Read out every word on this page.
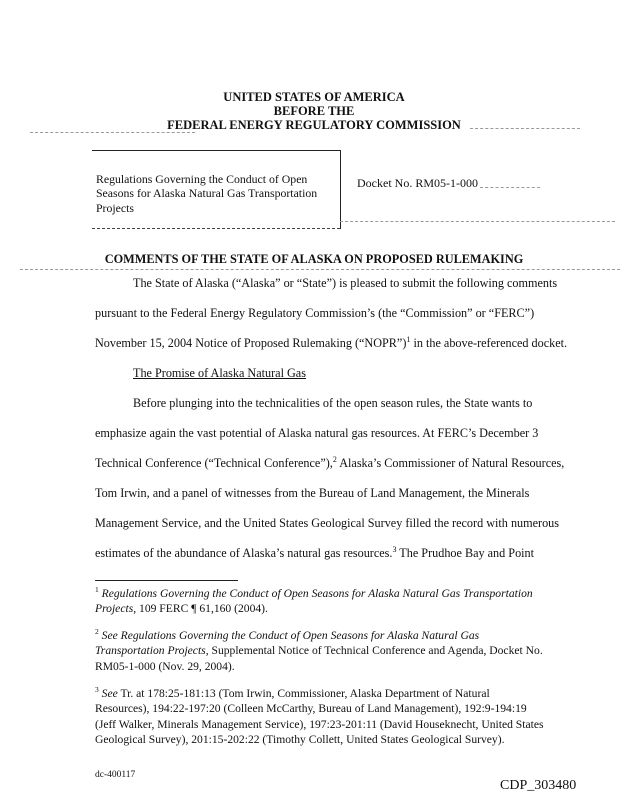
UNITED STATES OF AMERICA
BEFORE THE
FEDERAL ENERGY REGULATORY COMMISSION
Regulations Governing the Conduct of Open
Seasons for Alaska Natural Gas Transportation
Projects
Docket No. RM05-1-000
COMMENTS OF THE STATE OF ALASKA ON PROPOSED RULEMAKING
The State of Alaska (“Alaska” or “State”) is pleased to submit the following comments
pursuant to the Federal Energy Regulatory Commission’s (the “Commission” or “FERC”)
November 15, 2004 Notice of Proposed Rulemaking (“NOPR”)$^1$ in the above-referenced docket.
The Promise of Alaska Natural Gas
Before plunging into the technicalities of the open season rules, the State wants to
emphasize again the vast potential of Alaska natural gas resources. At FERC’s December 3
Technical Conference (“Technical Conference”),$^2$ Alaska’s Commissioner of Natural Resources,
Tom Irwin, and a panel of witnesses from the Bureau of Land Management, the Minerals
Management Service, and the United States Geological Survey filled the record with numerous
estimates of the abundance of Alaska’s natural gas resources.$^3$ The Prudhoe Bay and Point
$^1$ Regulations Governing the Conduct of Open Seasons for Alaska Natural Gas Transportation Projects, 109 FERC ¶ 61,160 (2004).
$^2$ See Regulations Governing the Conduct of Open Seasons for Alaska Natural Gas Transportation Projects, Supplemental Notice of Technical Conference and Agenda, Docket No. RM05-1-000 (Nov. 29, 2004).
$^3$ See Tr. at 178:25-181:13 (Tom Irwin, Commissioner, Alaska Department of Natural Resources), 194:22-197:20 (Colleen McCarthy, Bureau of Land Management), 192:9-194:19 (Jeff Walker, Minerals Management Service), 197:23-201:11 (David Houseknecht, United States Geological Survey), 201:15-202:22 (Timothy Collett, United States Geological Survey).
dc-400117
CDP_303480
